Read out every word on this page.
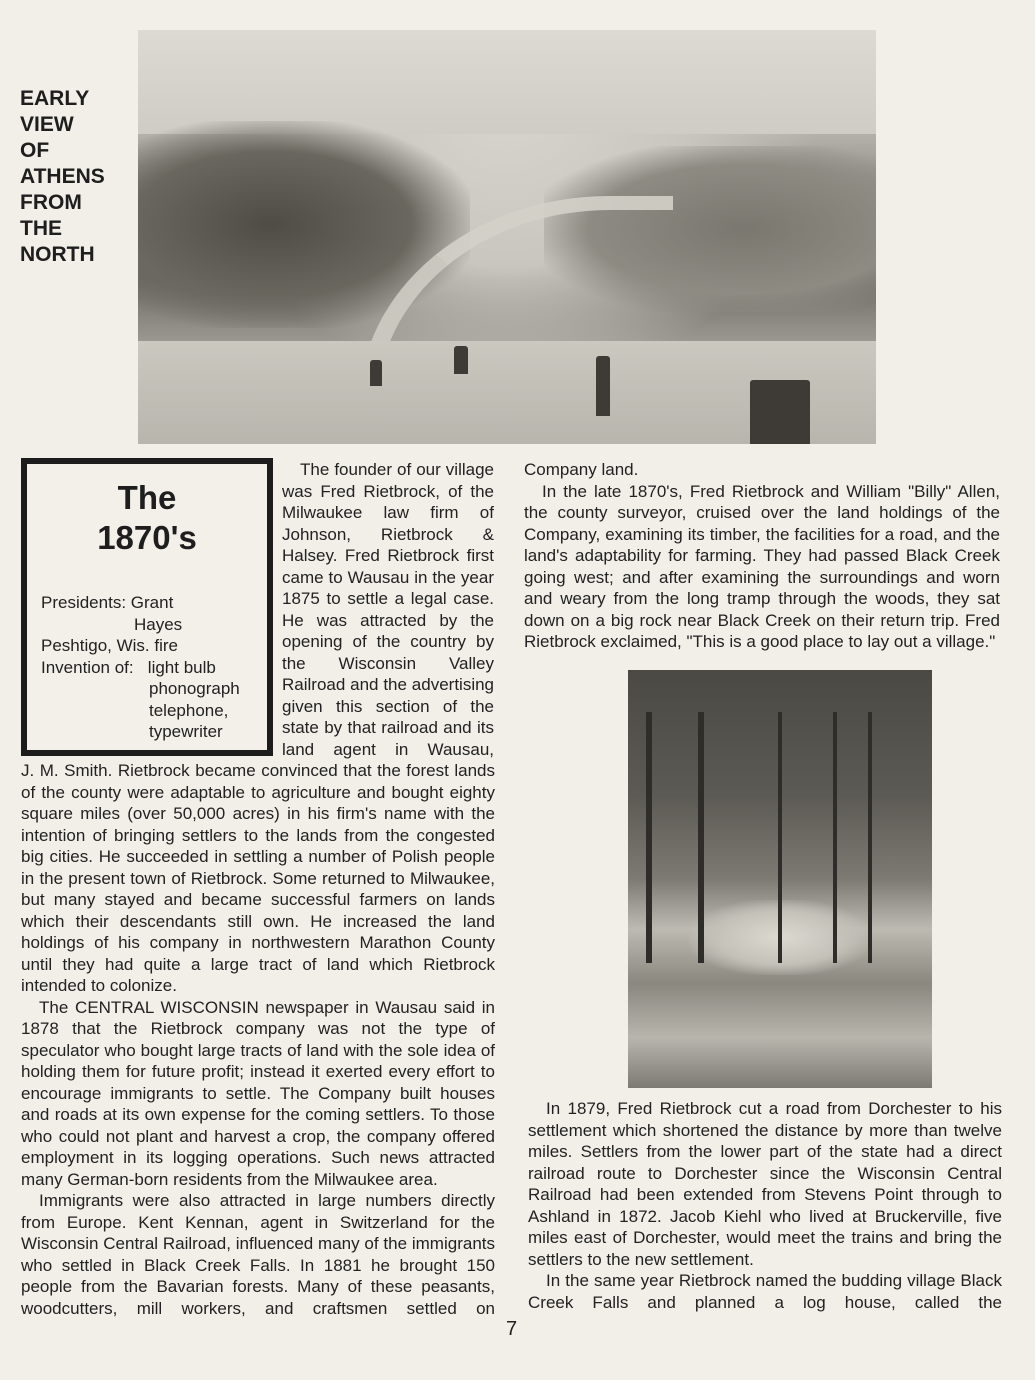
EARLY
VIEW
OF
ATHENS
FROM
THE
NORTH
The
1870's
Presidents:
Grant
Hayes
Peshtigo, Wis. fire
Invention of:
light bulb
phonograph
telephone,
typewriter

The founder of our village was Fred Rietbrock, of the Milwaukee law firm of Johnson, Rietbrock & Halsey. Fred Rietbrock first came to Wausau in the year 1875 to settle a legal case. He was attracted by the opening of the country by the Wisconsin Valley Railroad and the advertising given this section of the state by that railroad and its land agent in Wausau,

J. M. Smith. Rietbrock became convinced that the forest lands of the county were adaptable to agriculture and bought eighty square miles (over 50,000 acres) in his firm's name with the intention of bringing settlers to the lands from the congested big cities. He succeeded in settling a number of Polish people in the present town of Rietbrock. Some returned to Milwaukee, but many stayed and became successful farmers on lands which their descendants still own. He increased the land holdings of his company in northwestern Marathon County until they had quite a large tract of land which Rietbrock intended to colonize.

The CENTRAL WISCONSIN newspaper in Wausau said in 1878 that the Rietbrock company was not the type of speculator who bought large tracts of land with the sole idea of holding them for future profit; instead it exerted every effort to encourage immigrants to settle. The Company built houses and roads at its own expense for the coming settlers. To those who could not plant and harvest a crop, the company offered employment in its logging operations. Such news attracted many German-born residents from the Milwaukee area.

Immigrants were also attracted in large numbers directly from Europe. Kent Kennan, agent in Switzerland for the Wisconsin Central Railroad, influenced many of the immigrants who settled in Black Creek Falls. In 1881 he brought 150 people from the Bavarian forests. Many of these peasants, woodcutters, mill workers, and craftsmen settled on

Company land.

In the late 1870's, Fred Rietbrock and William "Billy" Allen, the county surveyor, cruised over the land holdings of the Company, examining its timber, the facilities for a road, and the land's adaptability for farming. They had passed Black Creek going west; and after examining the surroundings and worn and weary from the long tramp through the woods, they sat down on a big rock near Black Creek on their return trip. Fred Rietbrock exclaimed, "This is a good place to lay out a village."

In 1879, Fred Rietbrock cut a road from Dorchester to his settlement which shortened the distance by more than twelve miles. Settlers from the lower part of the state had a direct railroad route to Dorchester since the Wisconsin Central Railroad had been extended from Stevens Point through to Ashland in 1872. Jacob Kiehl who lived at Bruckerville, five miles east of Dorchester, would meet the trains and bring the settlers to the new settlement.

In the same year Rietbrock named the budding village Black Creek Falls and planned a log house, called the

7
